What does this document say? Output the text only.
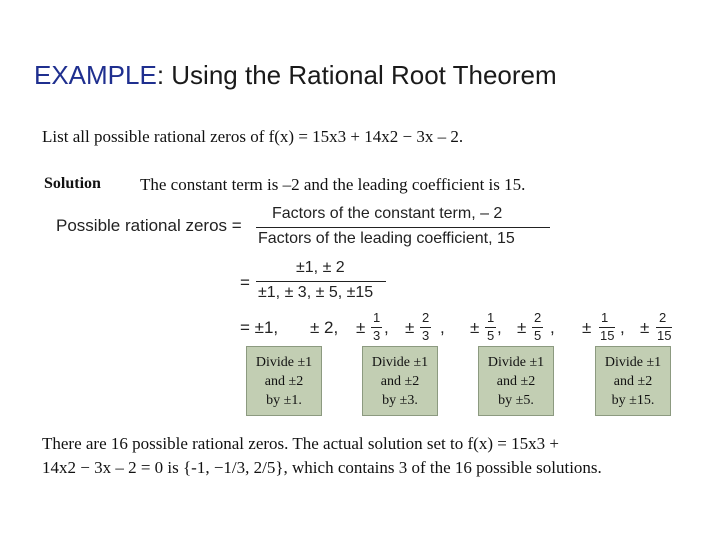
EXAMPLE: Using the Rational Root Theorem
List all possible rational zeros of f(x) = 15x3 + 14x2 − 3x – 2.
Solution The constant term is –2 and the leading coefficient is 15.
Possible rational zeros =
Factors of the constant term, – 2
Factors of the leading coefficient, 15
=
±1, ± 2
±1, ± 3, ± 5, ±15
= ±1, ± 2, ±
1
3 , ±
2
3 , ±
1
5 , ±
2
5 , ±
1
15 , ±
2
15
Divide ±1
and ±2
by ±1.
Divide ±1
and ±2
by ±3.
Divide ±1
and ±2
by ±5.
Divide ±1
and ±2
by ±15.
There are 16 possible rational zeros. The actual solution set to f(x) = 15x3 +
14x2 − 3x – 2 = 0 is {-1, −1/3, 2/5}, which contains 3 of the 16 possible solutions.
